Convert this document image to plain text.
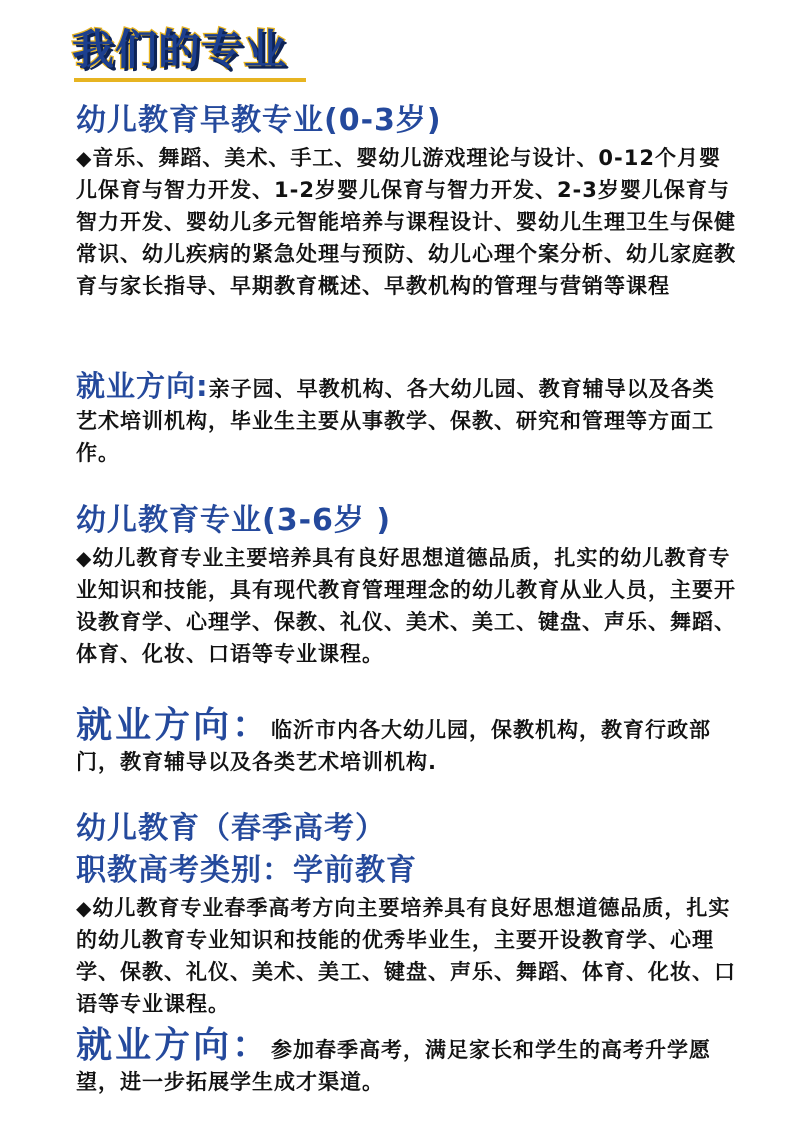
我们的专业
幼儿教育早教专业(0-3岁)

◆音乐、舞蹈、美术、手工、婴幼儿游戏理论与设计、0-12个月婴儿保育与智力开发、1-2岁婴儿保育与智力开发、2-3岁婴儿保育与智力开发、婴幼儿多元智能培养与课程设计、婴幼儿生理卫生与保健常识、幼儿疾病的紧急处理与预防、幼儿心理个案分析、幼儿家庭教育与家长指导、早期教育概述、早教机构的管理与营销等课程

就业方向:亲子园、早教机构、各大幼儿园、教育辅导以及各类艺术培训机构，毕业生主要从事教学、保教、研究和管理等方面工作。
幼儿教育专业(3-6岁 )

◆幼儿教育专业主要培养具有良好思想道德品质，扎实的幼儿教育专业知识和技能，具有现代教育管理理念的幼儿教育从业人员，主要开设教育学、心理学、保教、礼仪、美术、美工、键盘、声乐、舞蹈、体育、化妆、口语等专业课程。

就业方向：临沂市内各大幼儿园，保教机构，教育行政部门，教育辅导以及各类艺术培训机构.
幼儿教育（春季高考）
职教高考类别：学前教育

◆幼儿教育专业春季高考方向主要培养具有良好思想道德品质，扎实的幼儿教育专业知识和技能的优秀毕业生，主要开设教育学、心理学、保教、礼仪、美术、美工、键盘、声乐、舞蹈、体育、化妆、口语等专业课程。

就业方向：参加春季高考，满足家长和学生的高考升学愿望，进一步拓展学生成才渠道。
